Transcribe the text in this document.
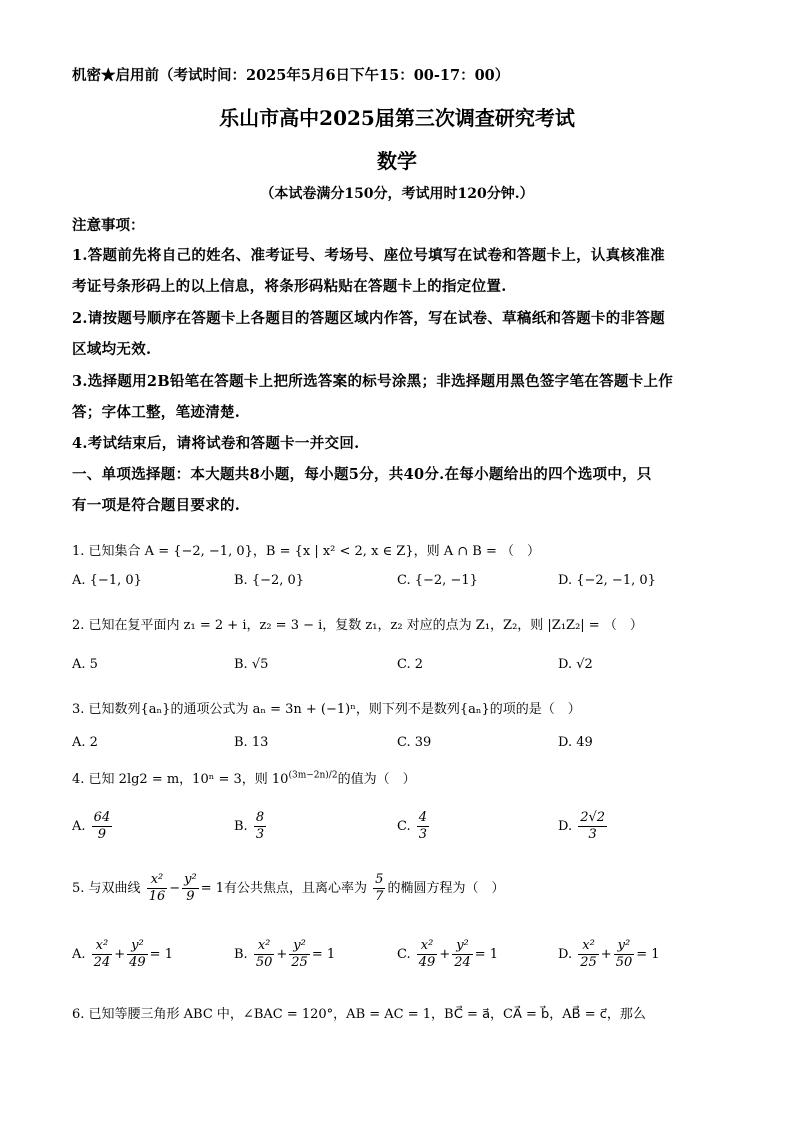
机密★启用前（考试时间：2025年5月6日下午15：00-17：00）
乐山市高中2025届第三次调查研究考试
数学
（本试卷满分150分，考试用时120分钟.）
注意事项：
1.答题前先将自己的姓名、准考证号、考场号、座位号填写在试卷和答题卡上，认真核准准
考证号条形码上的以上信息，将条形码粘贴在答题卡上的指定位置.
2.请按题号顺序在答题卡上各题目的答题区域内作答，写在试卷、草稿纸和答题卡的非答题
区域均无效.
3.选择题用2B铅笔在答题卡上把所选答案的标号涂黑；非选择题用黑色签字笔在答题卡上作
答；字体工整，笔迹清楚.
4.考试结束后，请将试卷和答题卡一并交回.
一、单项选择题：本大题共8小题，每小题5分，共40分.在每小题给出的四个选项中，只
有一项是符合题目要求的.
1. 已知集合 A = {−2, −1, 0}，B = {x | x² < 2, x ∈ Z}，则 A ∩ B = （　）
A. {−1, 0}	B. {−2, 0}	C. {−2, −1}	D. {−2, −1, 0}
2. 已知在复平面内 z₁ = 2 + i，z₂ = 3 − i，复数 z₁，z₂ 对应的点为 Z₁，Z₂，则 |Z₁Z₂| = （　）
A. 5	B. √5	C. 2	D. √2
3. 已知数列{aₙ}的通项公式为 aₙ = 3n + (−1)ⁿ，则下列不是数列{aₙ}的项的是（　）
A. 2	B. 13	C. 39	D. 49
4. 已知 2lg2 = m，10ⁿ = 3，则 $10^{(3m-2n)/2}$的值为（　）
A. $\frac{64}{9}$	B. $\frac{8}{3}$	C. $\frac{4}{3}$	D. $\frac{2√2}{3}$
5. 与双曲线 $\frac{\text{x²}}{16} - \frac{\text{y²}}{9} = 1$有公共焦点，且离心率为 $\frac{5}{7}$ 的椭圆方程为（　）
A. $\frac{\text{x²}}{24} + \frac{\text{y²}}{49} = 1$	B. $\frac{\text{x²}}{50} + \frac{\text{y²}}{25} = 1$	C. $\frac{\text{x²}}{49} + \frac{\text{y²}}{24} = 1$	D. $\frac{\text{x²}}{25} + \frac{\text{y²}}{50} = 1$
6. 已知等腰三角形 ABC 中，∠BAC = 120°，AB = AC = 1，BC⃗ = a⃗，CA⃗ = b⃗，AB⃗ = c⃗，那么
